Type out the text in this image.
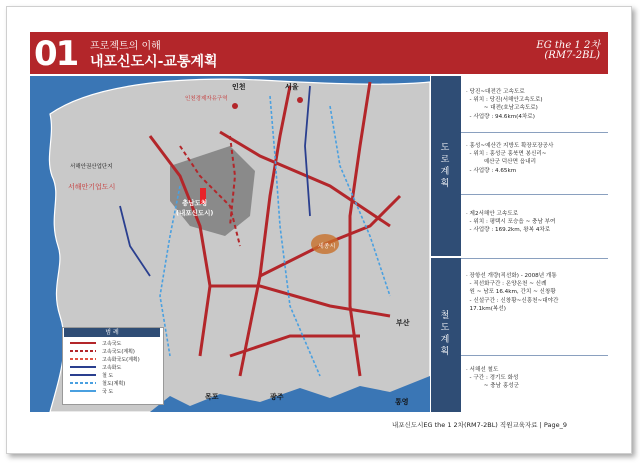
01 프로젝트의 이해
내포신도시-교통계획
EG the 1 2차
(RM7-2BL)
인천	서울
부산
목포	광주
통영
인천경제자유구역
서해안권산업단지
서해안기업도시
충남도청
(내포신도시)
세종시
범 례
고속국도
고속국도(계획)
고속화국도(계획)
고속화도
철 도
철도(계획)
국 도
도로계획
철도계획
· 당진~대전간 고속도로
- 위치 : 당진(서해안고속도로)
~ 대전(호남고속도로)
- 사업량 : 94.6km(4차로)
· 홍성~예산간 지방도 확장포장공사
- 위치 : 홍성군 홍북면 봉신리~
예산군 덕산면 읍내리
- 사업량 : 4.65km
· 제2서해안 고속도로
- 위치 : 평택시 포승읍 ~ 충남 부여
- 사업량 : 169.2km, 왕복 4차로
· 장항선 개량(직선화) - 2008년 개통
- 직선화구간 : 온양온천 ~ 신례
원 ~ 남포 16.4km, 간치 ~ 신창황
- 신설구간 : 신창황~신흥천~대야간
17.1km(복선)
· 서해선 철도
- 구간 : 경기도 화성
~ 충남 홍성군
내포신도시EG the 1 2차(RM7-2BL) 직원교육자료 | Page_9
